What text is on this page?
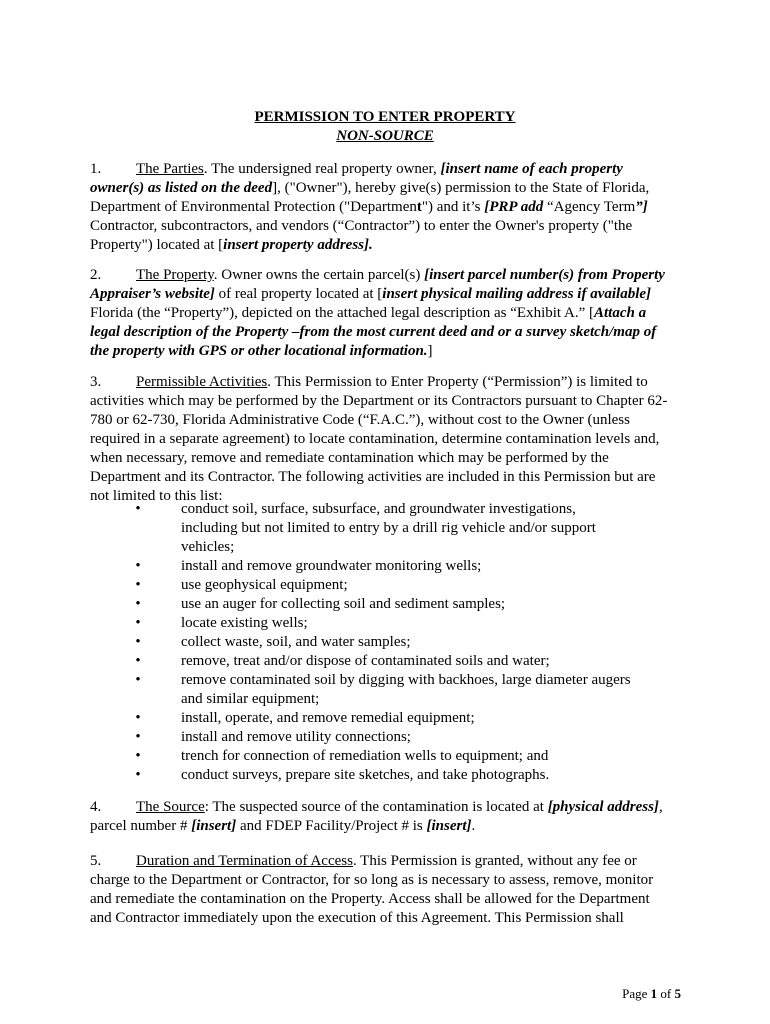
PERMISSION TO ENTER PROPERTY
NON-SOURCE
1. The Parties. The undersigned real property owner, [insert name of each property
owner(s) as listed on the deed], ("Owner"), hereby give(s) permission to the State of Florida,
Department of Environmental Protection ("Department") and it’s [PRP add “Agency Term”]
Contractor, subcontractors, and vendors (“Contractor”) to enter the Owner's property ("the
Property") located at [insert property address].
2. The Property. Owner owns the certain parcel(s) [insert parcel number(s) from Property
Appraiser’s website] of real property located at [insert physical mailing address if available]
Florida (the “Property”), depicted on the attached legal description as “Exhibit A.” [Attach a
legal description of the Property –from the most current deed and or a survey sketch/map of
the property with GPS or other locational information.]
3. Permissible Activities. This Permission to Enter Property (“Permission”) is limited to
activities which may be performed by the Department or its Contractors pursuant to Chapter 62-
780 or 62-730, Florida Administrative Code (“F.A.C.”), without cost to the Owner (unless
required in a separate agreement) to locate contamination, determine contamination levels and,
when necessary, remove and remediate contamination which may be performed by the
Department and its Contractor. The following activities are included in this Permission but are
not limited to this list:
•	conduct soil, surface, subsurface, and groundwater investigations,
including but not limited to entry by a drill rig vehicle and/or support
vehicles;
•	install and remove groundwater monitoring wells;
•	use geophysical equipment;
•	use an auger for collecting soil and sediment samples;
•	locate existing wells;
•	collect waste, soil, and water samples;
•	remove, treat and/or dispose of contaminated soils and water;
•	remove contaminated soil by digging with backhoes, large diameter augers
and similar equipment;
•	install, operate, and remove remedial equipment;
•	install and remove utility connections;
•	trench for connection of remediation wells to equipment; and
•	conduct surveys, prepare site sketches, and take photographs.
4. The Source: The suspected source of the contamination is located at [physical address],
parcel number # [insert] and FDEP Facility/Project # is [insert].
5. Duration and Termination of Access. This Permission is granted, without any fee or
charge to the Department or Contractor, for so long as is necessary to assess, remove, monitor
and remediate the contamination on the Property. Access shall be allowed for the Department
and Contractor immediately upon the execution of this Agreement. This Permission shall
Page 1 of 5
